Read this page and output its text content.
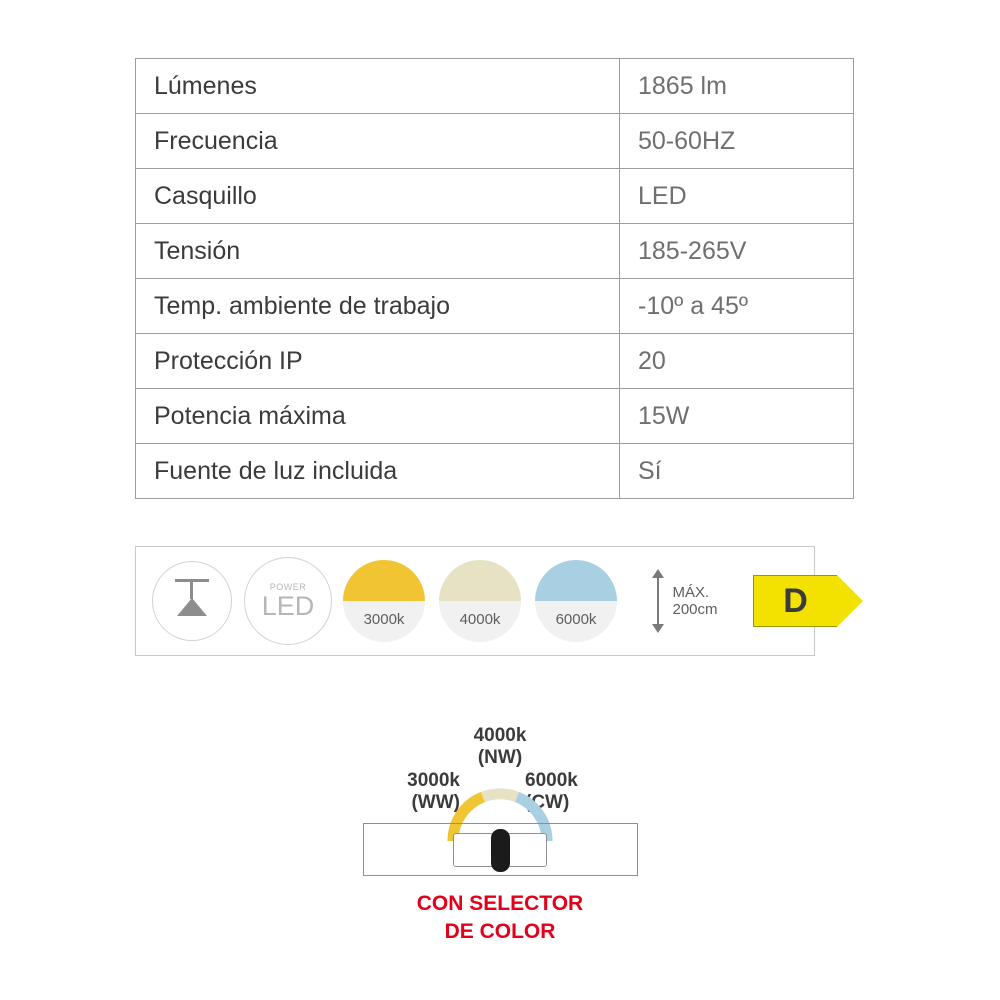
Lúmenes	1865 lm
Frecuencia	50-60HZ
Casquillo	LED
Tensión	185-265V
Temp. ambiente de trabajo	-10º a 45º
Protección IP	20
Potencia máxima	15W
Fuente de luz incluida	Sí
POWER
LED	3000k	4000k	6000k
MÁX.
200cm	D
4000k
(NW)
3000k
(WW)
6000k
(CW)
CON SELECTOR
DE COLOR
